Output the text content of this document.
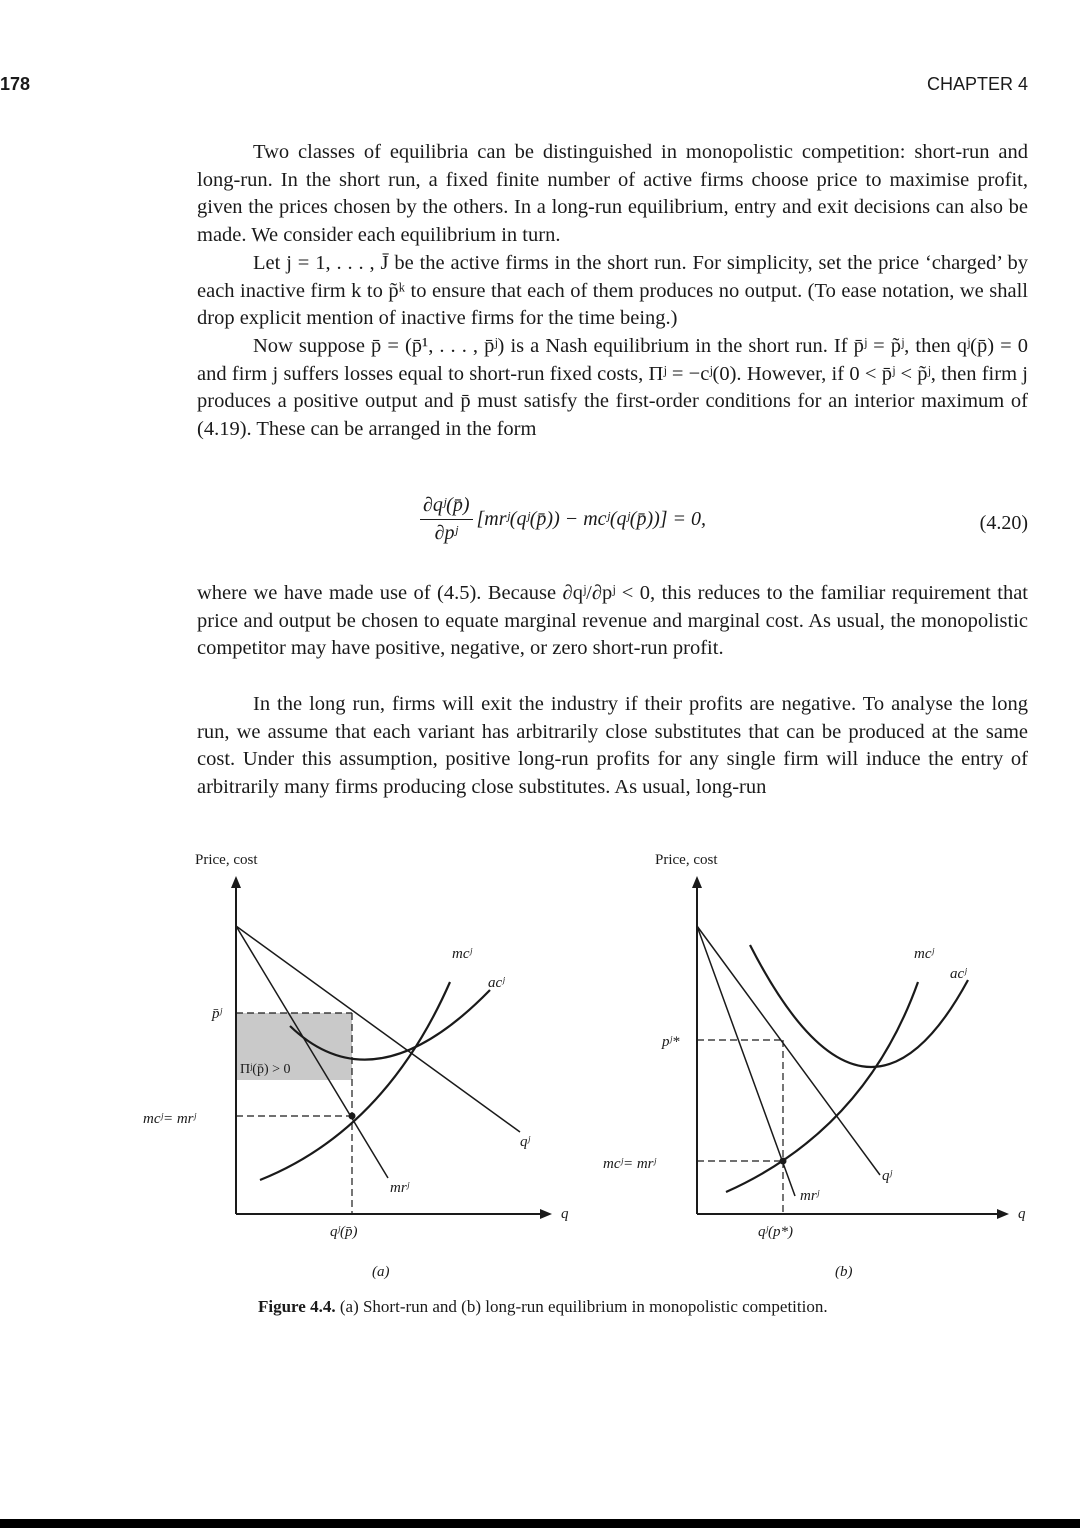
178	CHAPTER 4

Two classes of equilibria can be distinguished in monopolistic competition: short-run and long-run. In the short run, a fixed finite number of active firms choose price to maximise profit, given the prices chosen by the others. In a long-run equilibrium, entry and exit decisions can also be made. We consider each equilibrium in turn.

Let j = 1, . . . , J̄ be the active firms in the short run. For simplicity, set the price ‘charged’ by each inactive firm k to p̃ᵏ to ensure that each of them produces no output. (To ease notation, we shall drop explicit mention of inactive firms for the time being.)

Now suppose p̄ = (p̄¹, . . . , p̄ʲ) is a Nash equilibrium in the short run. If p̄ʲ = p̃ʲ, then qʲ(p̄) = 0 and firm j suffers losses equal to short-run fixed costs, Πʲ = −cʲ(0). However, if 0 < p̄ʲ < p̃ʲ, then firm j produces a positive output and p̄ must satisfy the first-order conditions for an interior maximum of (4.19). These can be arranged in the form

$\frac{\text{∂qʲ(p̄)}}{\text{∂pʲ}}$ [mrʲ(qʲ(p̄)) − mcʲ(qʲ(p̄))] = 0,	(4.20)

where we have made use of (4.5). Because ∂qʲ/∂pʲ < 0, this reduces to the familiar requirement that price and output be chosen to equate marginal revenue and marginal cost. As usual, the monopolistic competitor may have positive, negative, or zero short-run profit.

In the long run, firms will exit the industry if their profits are negative. To analyse the long run, we assume that each variant has arbitrarily close substitutes that can be produced at the same cost. Under this assumption, positive long-run profits for any single firm will induce the entry of arbitrarily many firms producing close substitutes. As usual, long-run

Price, cost
q
p̄ʲ
mcʲ= mrʲ
Πʲ(p̄) > 0
mcʲ
acʲ
qʲ
mrʲ
qʲ(p̄)
(a)
Price, cost
q
pʲ*
mcʲ= mrʲ
mcʲ
acʲ
qʲ
mrʲ
qʲ(p*)
(b)
Figure 4.4. (a) Short-run and (b) long-run equilibrium in monopolistic competition.
